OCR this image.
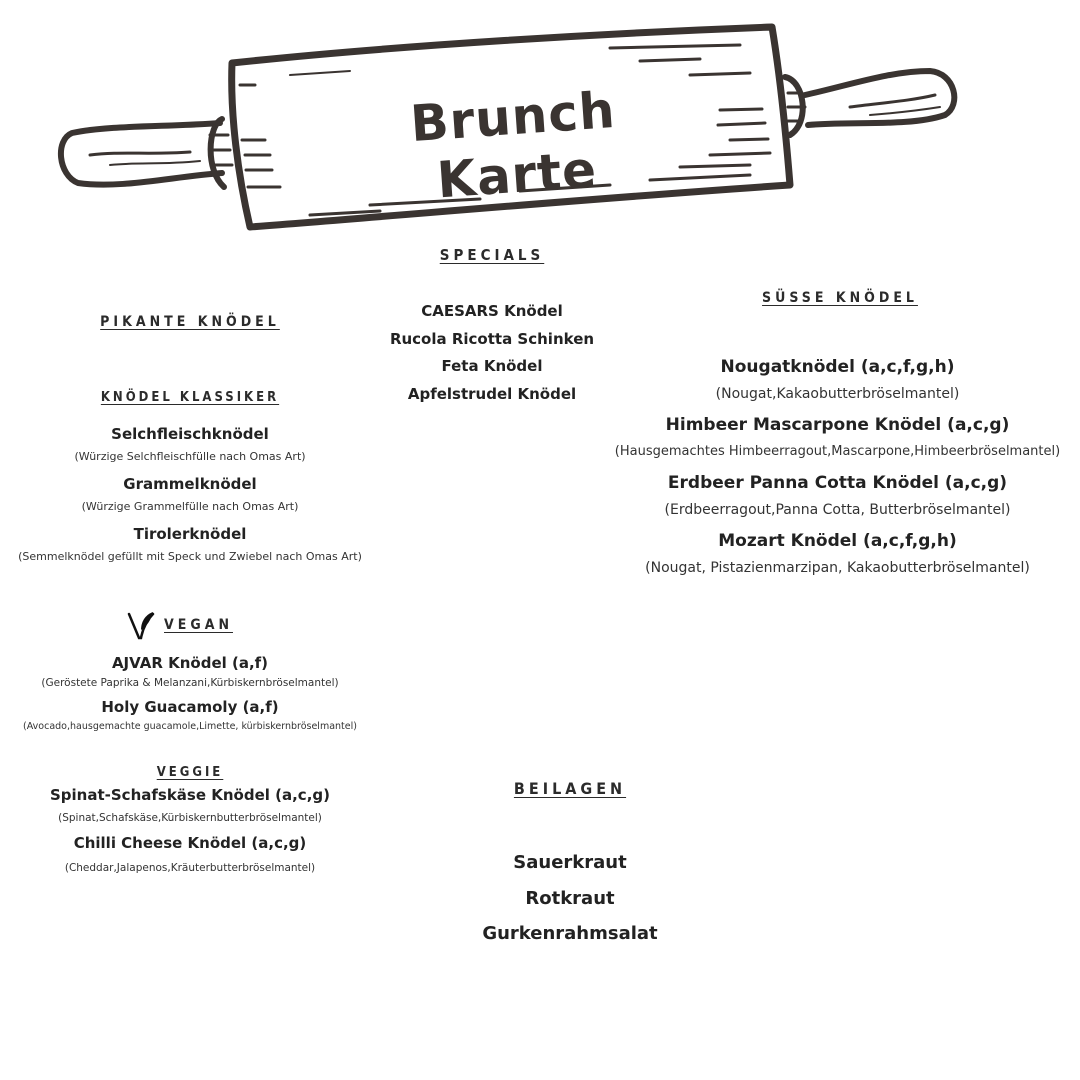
Brunch Karte
SPECIALS
CAESARS Knödel
Rucola Ricotta Schinken
Feta Knödel
Apfelstrudel Knödel
PIKANTE KNÖDEL
KNÖDEL KLASSIKER
Selchfleischknödel
(Würzige Selchfleischfülle nach Omas Art)
Grammelknödel
(Würzige Grammelfülle nach Omas Art)
Tirolerknödel
(Semmelknödel gefüllt mit Speck und Zwiebel nach Omas Art)
VEGAN
AJVAR Knödel (a,f)
(Geröstete Paprika & Melanzani,Kürbiskernbröselmantel)
Holy Guacamoly (a,f)
(Avocado,hausgemachte guacamole,Limette, kürbiskernbröselmantel)
VEGGIE
Spinat-Schafskäse Knödel (a,c,g)
(Spinat,Schafskäse,Kürbiskernbutterbröselmantel)
Chilli Cheese Knödel (a,c,g)
(Cheddar,Jalapenos,Kräuterbutterbröselmantel)
SÜSSE KNÖDEL
Nougatknödel (a,c,f,g,h)
(Nougat,Kakaobutterbröselmantel)
Himbeer Mascarpone Knödel (a,c,g)
(Hausgemachtes Himbeerragout,Mascarpone,Himbeerbröselmantel)
Erdbeer Panna Cotta Knödel (a,c,g)
(Erdbeerragout,Panna Cotta, Butterbröselmantel)
Mozart Knödel (a,c,f,g,h)
(Nougat, Pistazienmarzipan, Kakaobutterbröselmantel)
BEILAGEN
Sauerkraut
Rotkraut
Gurkenrahmsalat
